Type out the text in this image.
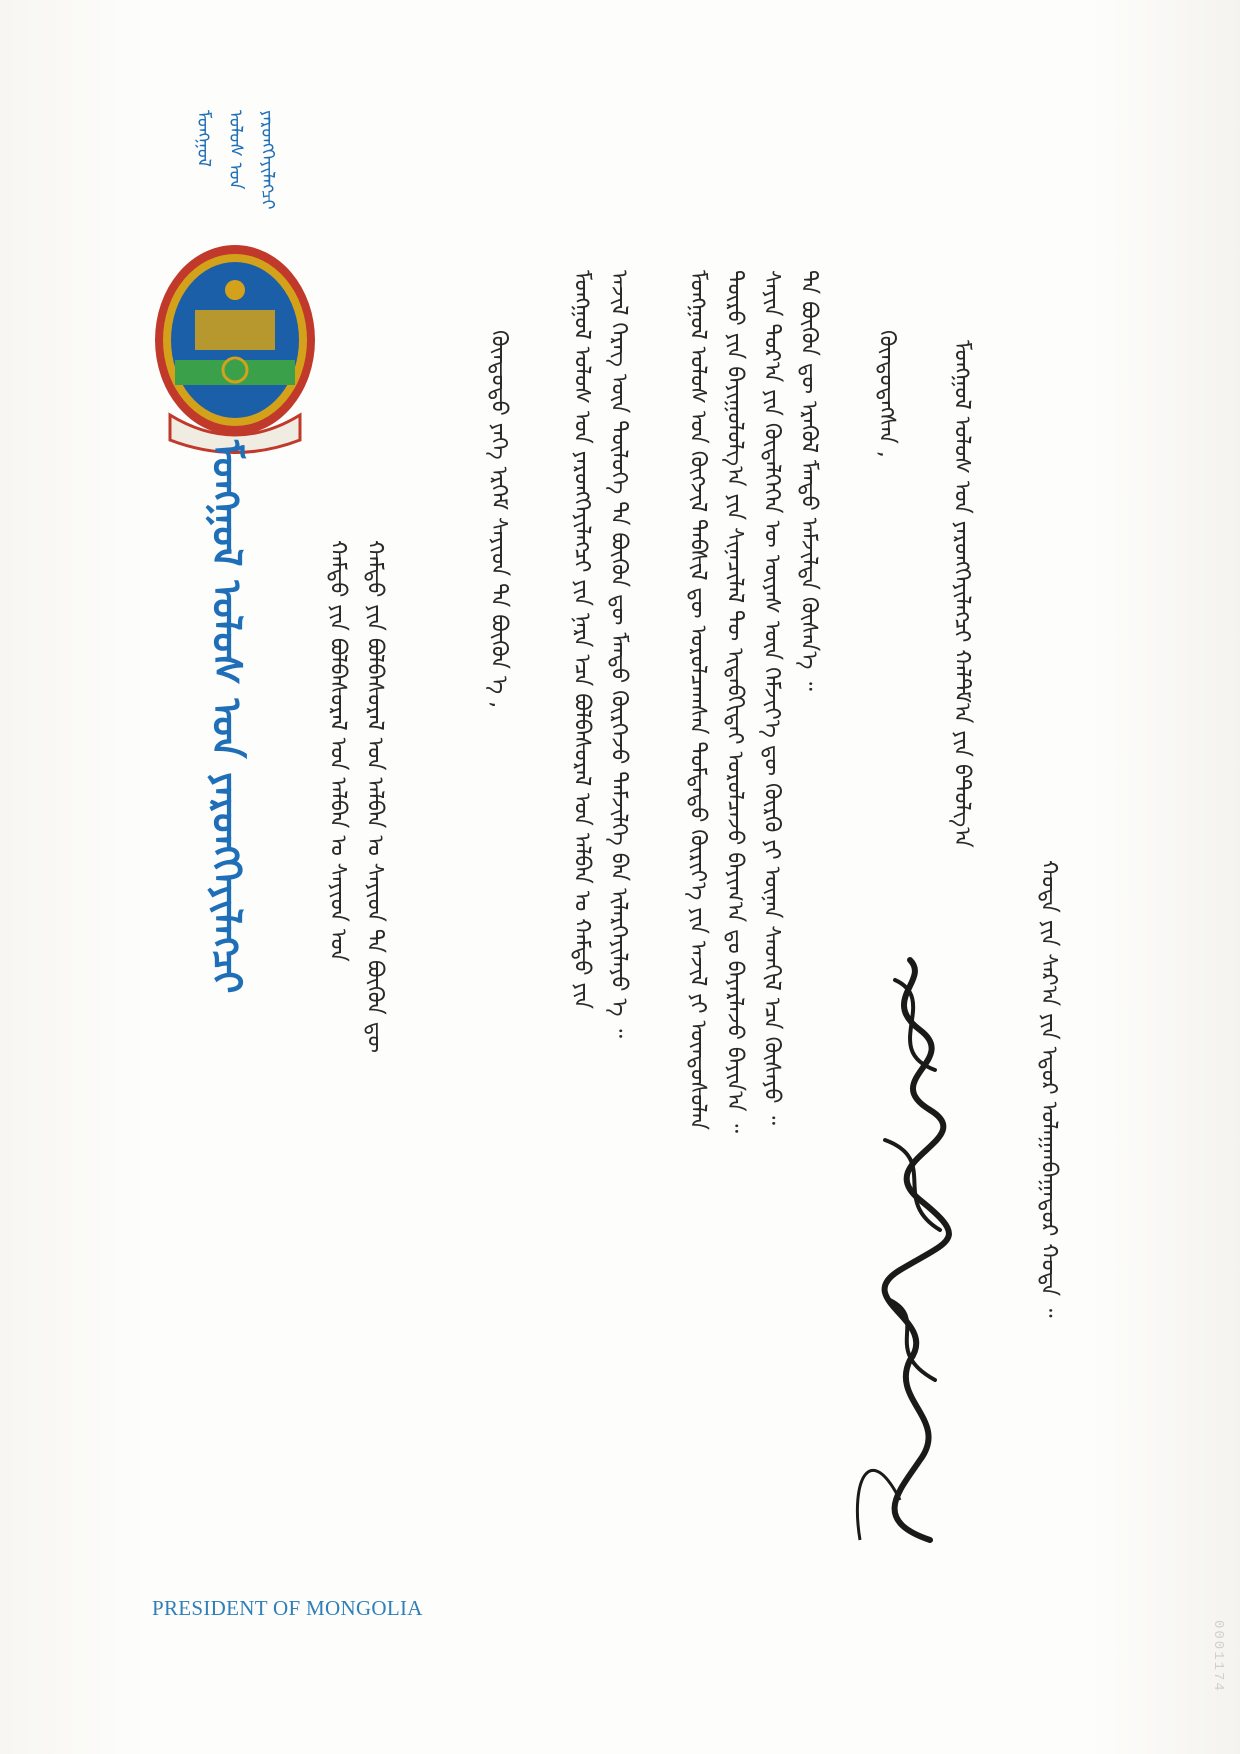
ᠮᠣᠩᠭᠣᠯ ᠤᠯᠤᠰ ᠤᠨ ᠶᠡᠷᠦᠩᠬᠡᠶᠢᠯᠡᠭᠴᠢ
ᠮᠣᠩᠭᠣᠯ ᠤᠯᠤᠰ ᠤᠨ ᠶᠡᠷᠦᠩᠬᠡᠶᠢᠯᠡᠭᠴᠢ	ᠬᠠᠮᠲᠤ ᠶᠢᠨ ᠪᠣᠯᠪᠠᠰᠤᠷᠠᠯ ᠤᠨ ᠠᠯᠪᠠᠨ ᠤ ᠰᠠᠶᠢᠳ ᠤᠨ ᠬᠠᠮᠲᠤ ᠶᠢᠨ ᠪᠣᠯᠪᠠᠰᠤᠷᠠᠯ ᠤᠨ ᠠᠯᠪᠠᠨ ᠤ ᠰᠠᠶᠢᠳ ᠲᠠ ᠪᠦᠬᠦᠨ ᠳᠦ
ᠬᠦᠨᠳᠦᠲᠦ ᠶᠡᠬᠡ ᠡᠷᠬᠡᠮ ᠰᠠᠶᠢᠳ ᠲᠠ ᠪᠦᠬᠦᠨ ᠡ ,	ᠮᠣᠩᠭᠣᠯ ᠤᠯᠤᠰ ᠤᠨ ᠶᠡᠷᠦᠩᠬᠡᠶᠢᠯᠡᠭᠴᠢ ᠶᠢᠨ ᠨᠡᠷᠡ ᠡᠴᠡ ᠪᠣᠯᠪᠠᠰᠤᠷᠠᠯ ᠤᠨ ᠠᠯᠪᠠᠨ ᠤ ᠬᠠᠮᠲᠤ ᠶᠢᠨ ᠠᠵᠢᠯ ᠬᠡᠷᠡᠭ ᠦᠨ ᠲᠥᠯᠥᠭᠡ ᠲᠠ ᠪᠦᠬᠦᠨ ᠳᠦ ᠮᠡᠨᠳᠦ ᠬᠦᠷᠭᠡᠵᠦ ᠳᠡᠮᠵᠢᠯᠭᠡ ᠪᠠᠨ ᠢᠯᠡᠷᠬᠡᠶᠢᠯᠡᠶᠦ ᠡ ᠃ ᠮᠣᠩᠭᠣᠯ ᠤᠯᠤᠰ ᠤᠨ ᠬᠥᠭᠵᠢᠯ ᠳᠡᠪᠰᠢᠯ ᠳᠦ ᠣᠷᠤᠯᠴᠠᠭᠰᠠᠨ ᠳᠤᠮᠳᠠᠳᠤ ᠬᠦᠷᠢᠶ᠎ᠡ ᠶᠢᠨ ᠠᠵᠢᠯ ᠶᠢ ᠦᠨᠳᠦᠰᠦᠯᠡᠨ ᠲᠥᠷᠥ ᠶᠢᠨ ᠪᠠᠶᠢᠭᠤᠯᠤᠯᠭ᠎ᠠ ᠶᠢᠨ ᠰᠢᠨᠡᠴᠢᠯᠡᠯ ᠲᠦ ᠢᠳᠡᠪᠬᠢᠲᠡᠶ ᠣᠷᠤᠯᠴᠠᠵᠤ ᠪᠠᠶᠢᠭ᠎ᠠ ᠳᠤ ᠪᠠᠶᠠᠷᠯᠠᠵᠤ ᠪᠠᠶᠢᠨ᠎ᠠ ᠃ ᠰᠠᠶᠢᠨ ᠳᠤᠷ᠎ᠠ ᠶᠢᠨ ᠬᠥᠳᠡᠯᠭᠡᠭᠡᠨ ᠦ ᠦᠶᠡᠰ ᠦᠨ ᠬᠡᠮᠵᠢᠶ᠎ᠡ ᠳᠦ ᠬᠦᠷᠬᠦ ᠶᠢ ᠦᠨᠡᠨ ᠰᠡᠳᠬᠢᠯ ᠡᠴᠡ ᠬᠦᠰᠡᠶᠦ ᠃ ᠲᠠ ᠪᠦᠬᠦᠨ ᠳᠦ ᠡᠷᠡᠭᠦᠯ ᠮᠡᠨᠳᠦ ᠠᠮᠵᠢᠯᠲᠠ ᠬᠦᠰᠡᠨ᠎ᠡ ᠃ ᠬᠦᠨᠳᠦᠲᠡᠭᠰᠡᠨ , ᠮᠣᠩᠭᠣᠯ ᠤᠯᠤᠰ ᠤᠨ ᠶᠡᠷᠦᠩᠬᠡᠶᠢᠯᠡᠭᠴᠢ ᠬᠠᠯᠲᠮ᠎ᠠ ᠶᠢᠨ ᠪᠲ᠋ᠤᠯᠭ᠎ᠠ
ᠬᠣᠲᠠ ᠶᠢᠨ ᠰᠠᠷ᠎ᠠ ᠶᠢᠨ ᠡᠳᠦᠷ ᠤᠯᠠᠭᠠᠨᠪᠠᠭᠠᠲᠤᠷ ᠬᠣᠲᠠ ᠃
PRESIDENT OF MONGOLIA
0001174
